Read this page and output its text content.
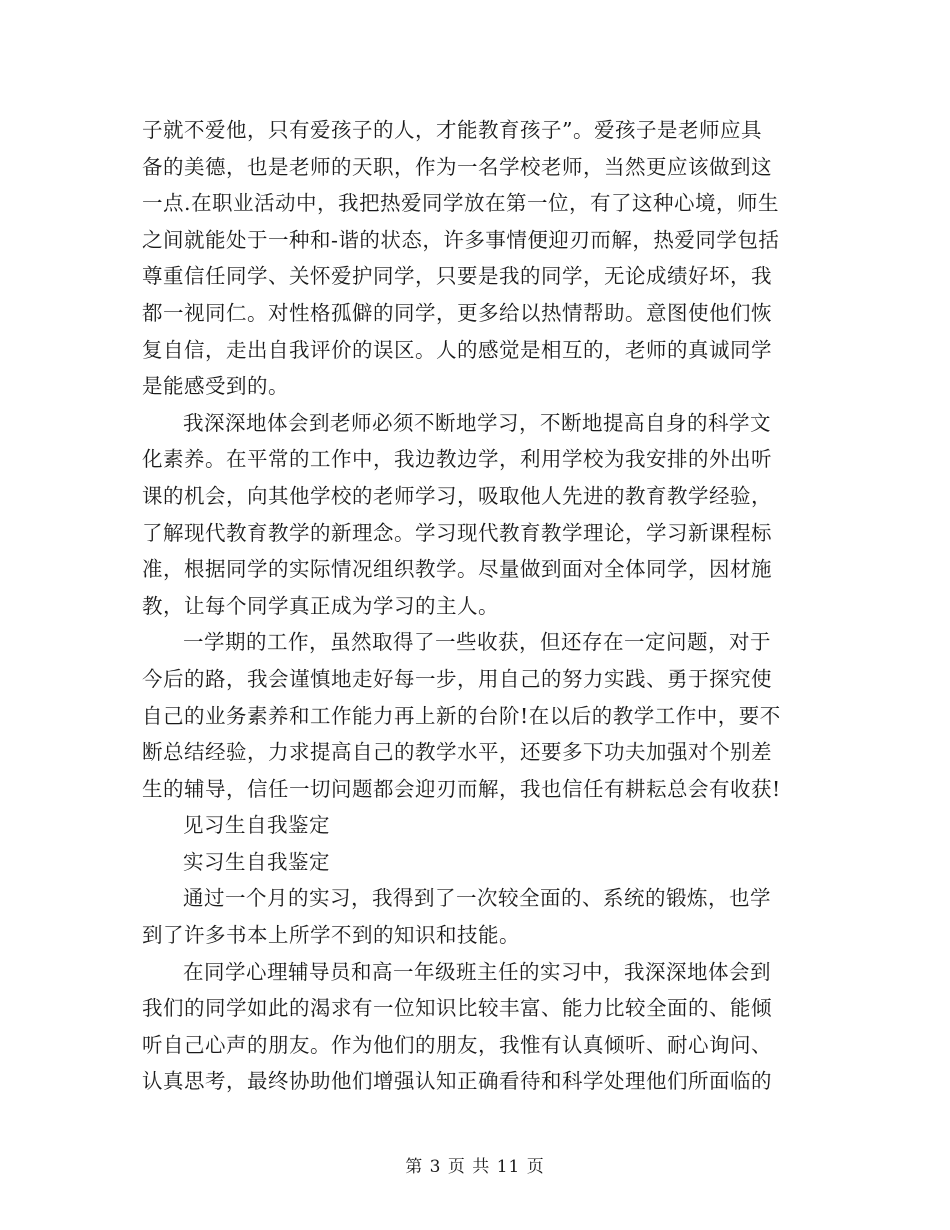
子就不爱他，只有爱孩子的人，才能教育孩子”。爱孩子是老师应具
备的美德，也是老师的天职，作为一名学校老师，当然更应该做到这
一点.在职业活动中，我把热爱同学放在第一位，有了这种心境，师生
之间就能处于一种和-谐的状态，许多事情便迎刃而解，热爱同学包括
尊重信任同学、关怀爱护同学，只要是我的同学，无论成绩好坏，我
都一视同仁。对性格孤僻的同学，更多给以热情帮助。意图使他们恢
复自信，走出自我评价的误区。人的感觉是相互的，老师的真诚同学
是能感受到的。
我深深地体会到老师必须不断地学习，不断地提高自身的科学文
化素养。在平常的工作中，我边教边学，利用学校为我安排的外出听
课的机会，向其他学校的老师学习，吸取他人先进的教育教学经验，
了解现代教育教学的新理念。学习现代教育教学理论，学习新课程标
准，根据同学的实际情况组织教学。尽量做到面对全体同学，因材施
教，让每个同学真正成为学习的主人。
一学期的工作，虽然取得了一些收获，但还存在一定问题，对于
今后的路，我会谨慎地走好每一步，用自己的努力实践、勇于探究使
自己的业务素养和工作能力再上新的台阶!在以后的教学工作中，要不
断总结经验，力求提高自己的教学水平，还要多下功夫加强对个别差
生的辅导，信任一切问题都会迎刃而解，我也信任有耕耘总会有收获!
见习生自我鉴定
实习生自我鉴定
通过一个月的实习，我得到了一次较全面的、系统的锻炼，也学
到了许多书本上所学不到的知识和技能。
在同学心理辅导员和高一年级班主任的实习中，我深深地体会到
我们的同学如此的渴求有一位知识比较丰富、能力比较全面的、能倾
听自己心声的朋友。作为他们的朋友，我惟有认真倾听、耐心询问、
认真思考，最终协助他们增强认知正确看待和科学处理他们所面临的
第 3 页 共 11 页
